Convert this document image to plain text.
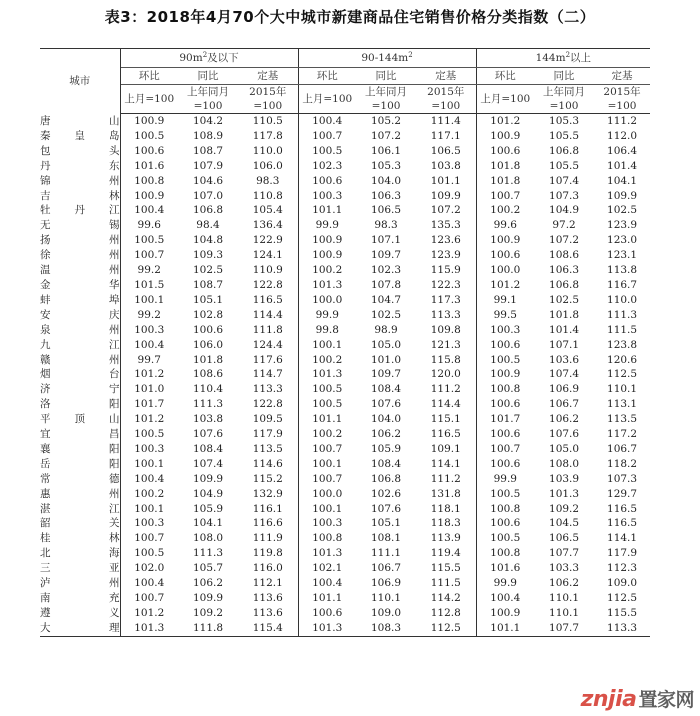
表3：2018年4月70个大中城市新建商品住宅销售价格分类指数（二）
城市	$90m^2$及以下			$90-144m^2$			$144m^2$以上		
	环比	同比	定基	环比	同比	定基	环比	同比	定基
	上月=100	上年同月=100	2015年=100	上月=100	上年同月=100	2015年=100	上月=100	上年同月=100	2015年=100
唐山	100.9	104.2	110.5	100.4	105.2	111.4	101.2	105.3	111.2
秦皇岛	100.5	108.9	117.8	100.7	107.2	117.1	100.9	105.5	112.0
包头	100.6	108.7	110.0	100.5	106.1	106.5	100.6	106.8	106.4
丹东	101.6	107.9	106.0	102.3	105.3	103.8	101.8	105.5	101.4
锦州	100.8	104.6	98.3	100.6	104.0	101.1	101.8	107.4	104.1
吉林	100.9	107.0	110.8	100.3	106.3	109.9	100.7	107.3	109.9
牡丹江	100.4	106.8	105.4	101.1	106.5	107.2	100.2	104.9	102.5
无锡	99.6	98.4	136.4	99.9	98.3	135.3	99.6	97.2	123.9
扬州	100.5	104.8	122.9	100.9	107.1	123.6	100.9	107.2	123.0
徐州	100.7	109.3	124.1	100.9	109.7	123.9	100.6	108.6	123.1
温州	99.2	102.5	110.9	100.2	102.3	115.9	100.0	106.3	113.8
金华	101.5	108.7	122.8	101.3	107.8	122.3	101.2	106.8	116.7
蚌埠	100.1	105.1	116.5	100.0	104.7	117.3	99.1	102.5	110.0
安庆	99.2	102.8	114.4	99.9	102.5	113.3	99.5	101.8	111.3
泉州	100.3	100.6	111.8	99.8	98.9	109.8	100.3	101.4	111.5
九江	100.4	106.0	124.4	100.1	105.0	121.3	100.6	107.1	123.8
赣州	99.7	101.8	117.6	100.2	101.0	115.8	100.5	103.6	120.6
烟台	101.2	108.6	114.7	101.3	109.7	120.0	100.9	107.4	112.5
济宁	101.0	110.4	113.3	100.5	108.4	111.2	100.8	106.9	110.1
洛阳	101.7	111.3	122.8	100.5	107.6	114.4	100.6	106.7	113.1
平顶山	101.2	103.8	109.5	101.1	104.0	115.1	101.7	106.2	113.5
宜昌	100.5	107.6	117.9	100.2	106.2	116.5	100.6	107.6	117.2
襄阳	100.3	108.4	113.5	100.7	105.9	109.1	100.7	105.0	106.7
岳阳	100.1	107.4	114.6	100.1	108.4	114.1	100.6	108.0	118.2
常德	100.4	109.9	115.2	100.7	106.8	111.2	99.9	103.9	107.3
惠州	100.2	104.9	132.9	100.0	102.6	131.8	100.5	101.3	129.7
湛江	100.1	105.9	116.1	100.1	107.6	118.1	100.8	109.2	116.5
韶关	100.3	104.1	116.6	100.3	105.1	118.3	100.6	104.5	116.5
桂林	100.7	108.0	111.9	100.8	108.1	113.9	100.5	106.5	114.1
北海	100.5	111.3	119.8	101.3	111.1	119.4	100.8	107.7	117.9
三亚	102.0	105.7	116.0	102.1	106.7	115.5	101.6	103.3	112.3
泸州	100.4	106.2	112.1	100.4	106.9	111.5	99.9	106.2	109.0
南充	100.7	109.9	113.6	101.1	110.1	114.2	100.4	110.1	112.5
遵义	101.2	109.2	113.6	100.6	109.0	112.8	100.9	110.1	115.5
大理	101.3	111.8	115.4	101.3	108.3	112.5	101.1	107.7	113.3
znjia 置家网
